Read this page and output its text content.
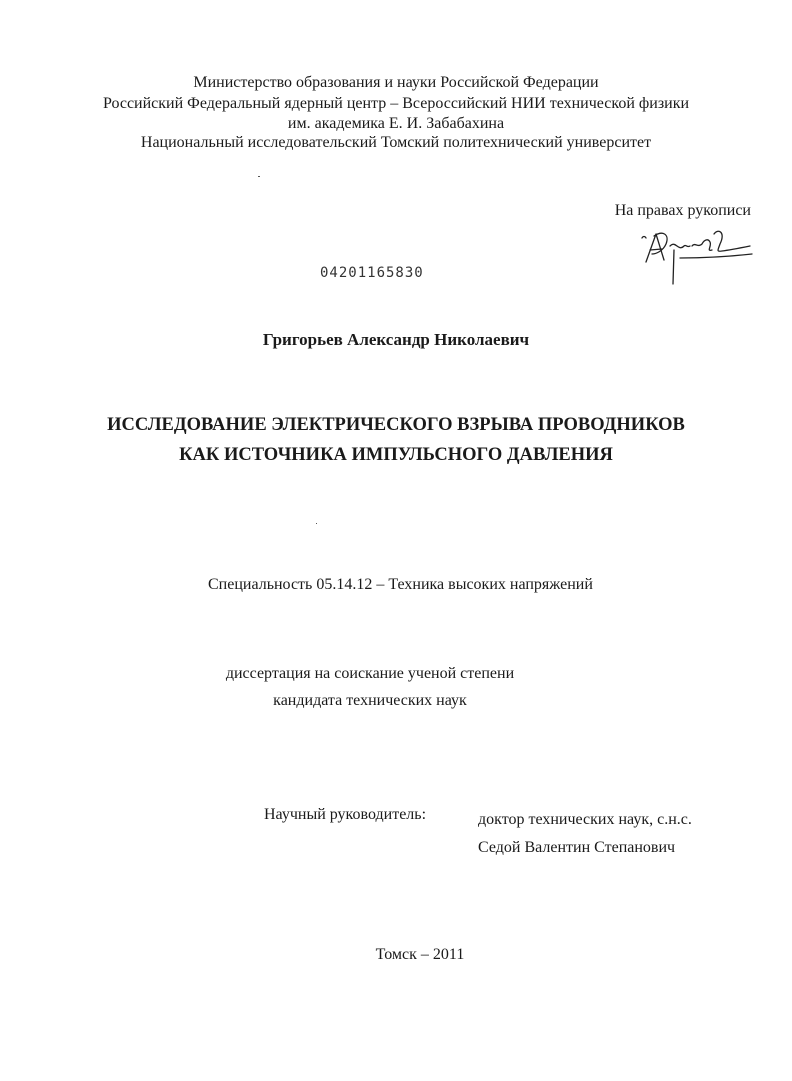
Министерство образования и науки Российской Федерации
Российский Федеральный ядерный центр – Всероссийский НИИ технической физики
им. академика Е. И. Забабахина
Национальный исследовательский Томский политехнический университет
На правах рукописи
04201165830
Григорьев Александр Николаевич
ИССЛЕДОВАНИЕ ЭЛЕКТРИЧЕСКОГО ВЗРЫВА ПРОВОДНИКОВ
КАК ИСТОЧНИКА ИМПУЛЬСНОГО ДАВЛЕНИЯ
Специальность 05.14.12 – Техника высоких напряжений
диссертация на соискание ученой степени
кандидата технических наук
Научный руководитель:	доктор технических наук, с.н.с.
Седой Валентин Степанович
Томск – 2011
